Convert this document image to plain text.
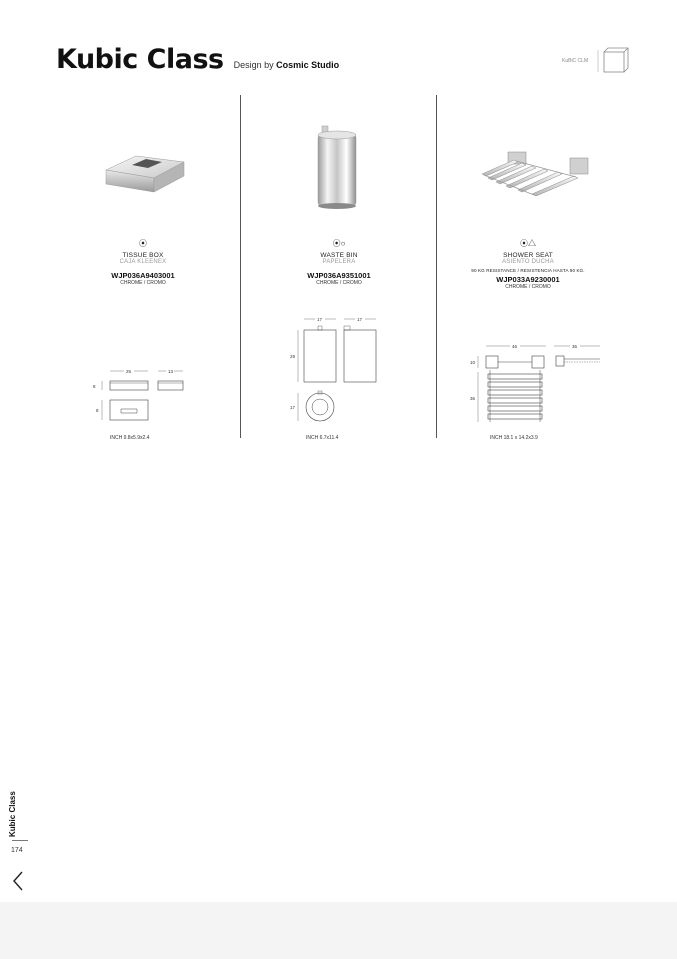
Kubic Class Design by Cosmic Studio	KuBiC CLM
⦿
TISSUE BOX
CAJA KLEENEX
WJP036A9403001
CHROME / CROMO
25	13
8
8
INCH 9.8x5.9x2.4
⦿○
WASTE BIN
PAPELERA
WJP036A9351001
CHROME / CROMO
17	17
29
17
INCH 6.7x11.4
⦿△
SHOWER SEAT
ASIENTO DUCHA
90 KG RESISTANCE / RESISTENCIA HASTA 90 KG.
WJP033A9230001
CHROME / CROMO
46	36
10
36
INCH 18.1 x 14.2x3.9
Kubic Class
174
